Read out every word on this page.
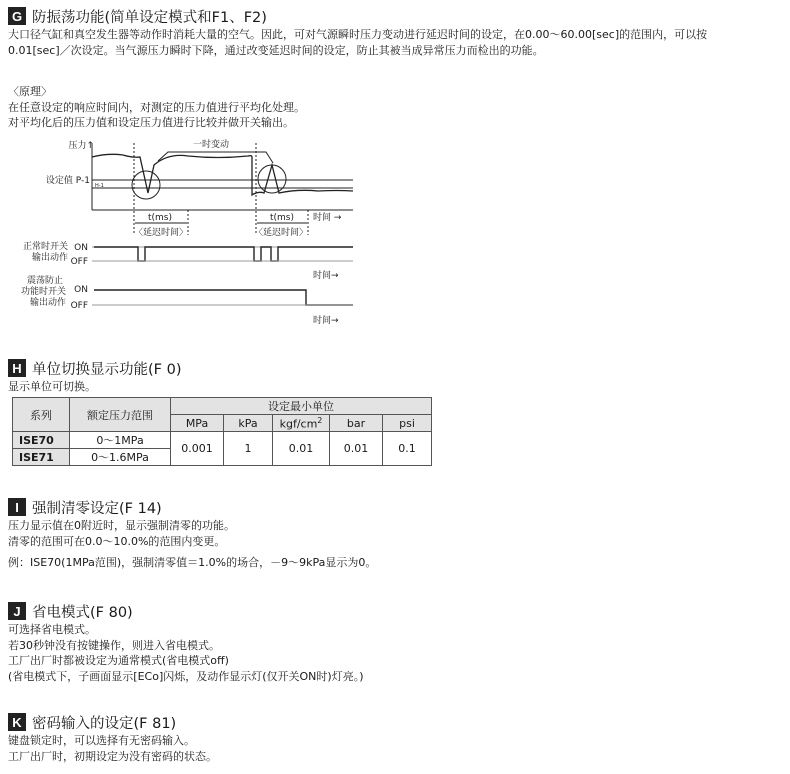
G 防振荡功能(简单设定模式和F1、F2)

大口径气缸和真空发生器等动作时消耗大量的空气。因此，可对气源瞬时压力变动进行延迟时间的设定，在0.00～60.00[sec]的范围内，可以按

0.01[sec]／次设定。当气源压力瞬时下降，通过改变延迟时间的设定，防止其被当成异常压力而检出的功能。

〈原理〉

在任意设定的响应时间内，对测定的压力值进行平均化处理。

对平均化后的压力值和设定压力值进行比较并做开关输出。

压力↑	一时变动
设定值 P-1 H-1
t(ms)	t(ms) 时间 →
〈延迟时间〉	〈延迟时间〉
正常时开关
输出动作
ON
OFF
时间→
震荡防止
功能时开关
输出动作
ON
OFF
时间→
H 单位切换显示功能(F 0)

显示单位可切换。

系列	额定压力范围	设定最小单位				
		MPa	kPa	kgf/$cm^2$	bar	psi
ISE70	0～1MPa	0.001	1	0.01	0.01	0.1
ISE71	0～1.6MPa					
I 强制清零设定(F 14)

压力显示值在0附近时，显示强制清零的功能。

清零的范围可在0.0～10.0%的范围内变更。

例：ISE70(1MPa范围)，强制清零值＝1.0%的场合，－9～9kPa显示为0。

J 省电模式(F 80)

可选择省电模式。

若30秒钟没有按键操作，则进入省电模式。

工厂出厂时都被设定为通常模式(省电模式off)

(省电模式下，子画面显示[ECo]闪烁，及动作显示灯(仅开关ON时)灯亮。)

K 密码输入的设定(F 81)

键盘锁定时，可以选择有无密码输入。

工厂出厂时，初期设定为没有密码的状态。
